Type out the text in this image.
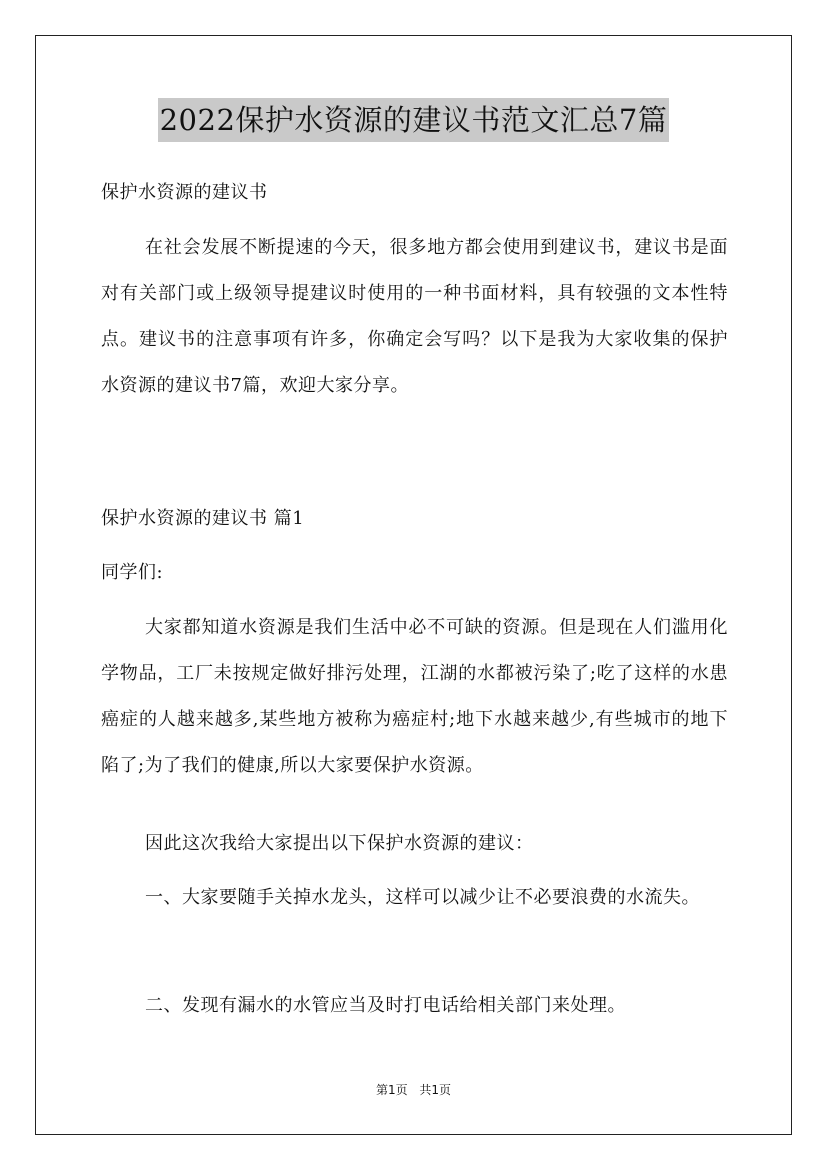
2022保护水资源的建议书范文汇总7篇

保护水资源的建议书

在社会发展不断提速的今天，很多地方都会使用到建议书，建议书是面对有关部门或上级领导提建议时使用的一种书面材料，具有较强的文本性特点。建议书的注意事项有许多，你确定会写吗？以下是我为大家收集的保护水资源的建议书7篇，欢迎大家分享。

保护水资源的建议书 篇1

同学们:

大家都知道水资源是我们生活中必不可缺的资源。但是现在人们滥用化学物品，工厂未按规定做好排污处理，江湖的水都被污染了;吃了这样的水患癌症的人越来越多,某些地方被称为癌症村;地下水越来越少,有些城市的地下陷了;为了我们的健康,所以大家要保护水资源。

因此这次我给大家提出以下保护水资源的建议：

一、大家要随手关掉水龙头，这样可以减少让不必要浪费的水流失。

二、发现有漏水的水管应当及时打电话给相关部门来处理。

第1页 共1页
